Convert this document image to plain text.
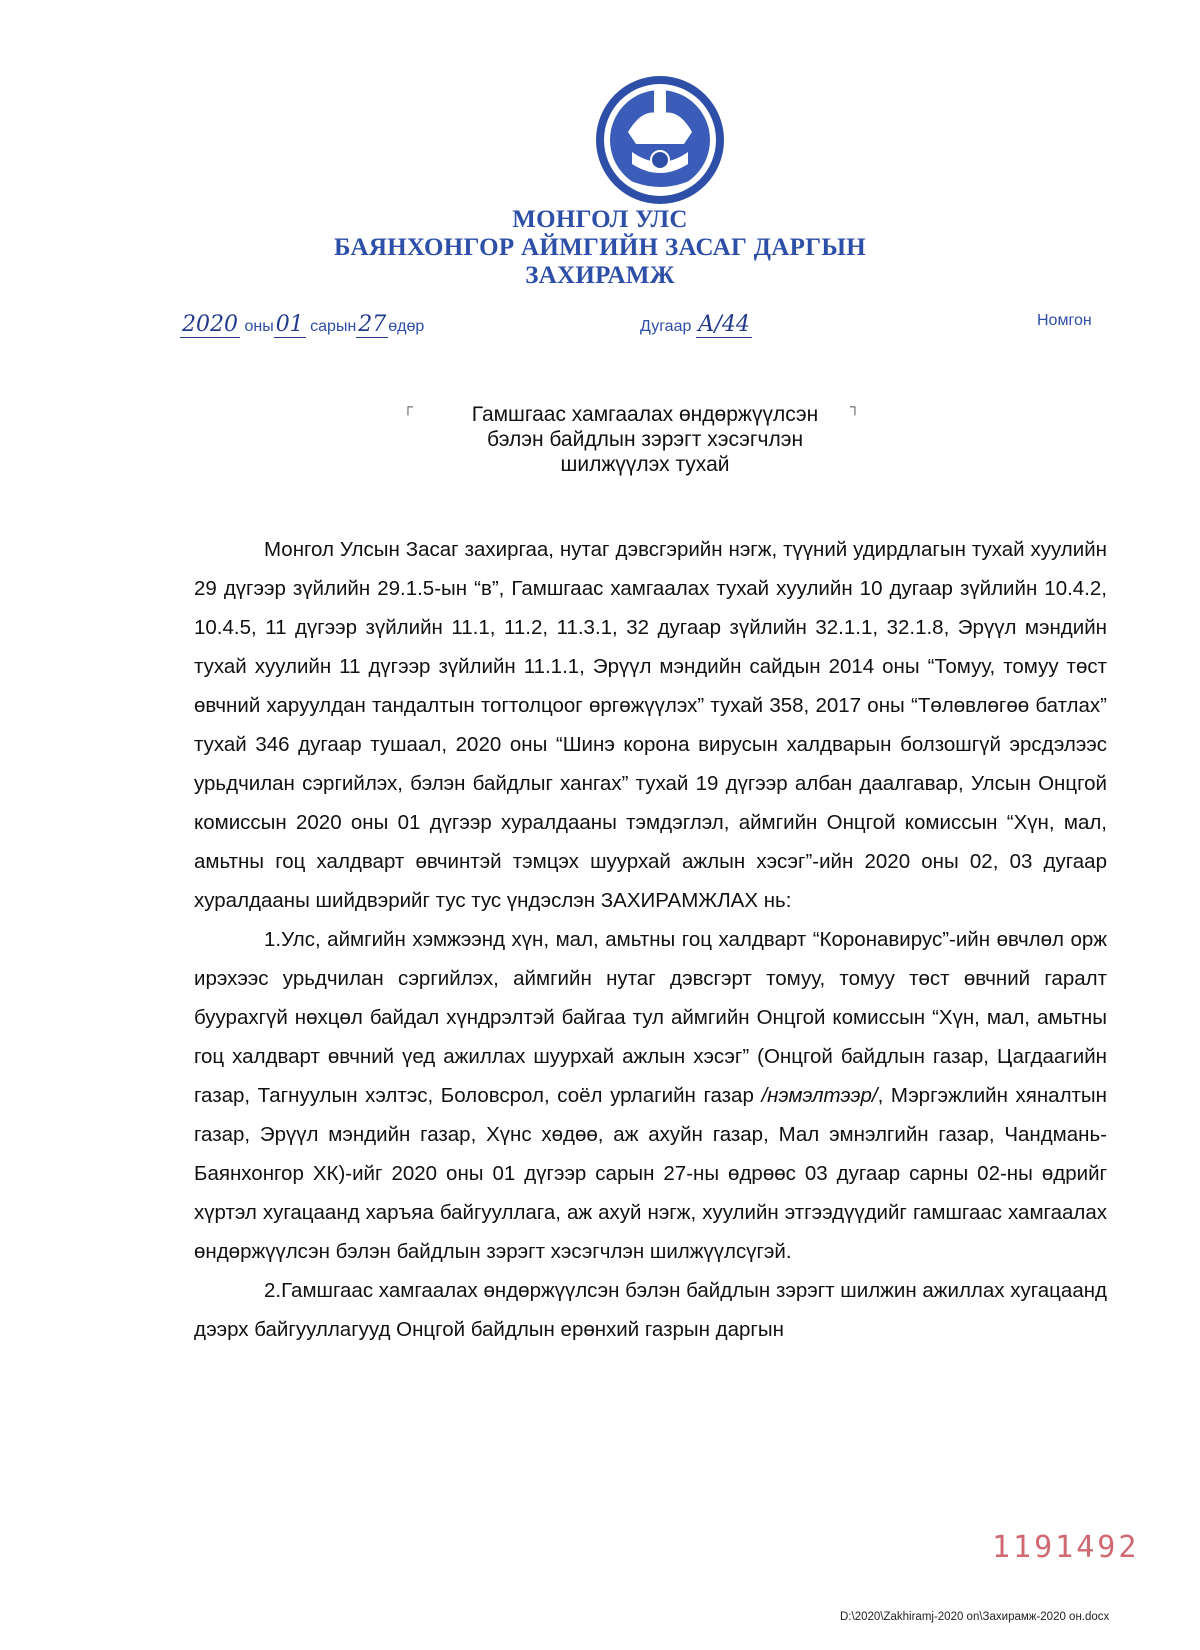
МОНГОЛ УЛС
БАЯНХОНГОР АЙМГИЙН ЗАСАГ ДАРГЫН
ЗАХИРАМЖ
2020 оны01 сарын27 өдөр	Дугаар А/44	Номгон
┌	┐
Гамшгаас хамгаалах өндөржүүлсэн
бэлэн байдлын зэрэгт хэсэгчлэн
шилжүүлэх тухай

Монгол Улсын Засаг захиргаа, нутаг дэвсгэрийн нэгж, түүний удирдлагын тухай хуулийн 29 дүгээр зүйлийн 29.1.5-ын “в”, Гамшгаас хамгаалах тухай хуулийн 10 дугаар зүйлийн 10.4.2, 10.4.5, 11 дүгээр зүйлийн 11.1, 11.2, 11.3.1, 32 дугаар зүйлийн 32.1.1, 32.1.8, Эрүүл мэндийн тухай хуулийн 11 дүгээр зүйлийн 11.1.1, Эрүүл мэндийн сайдын 2014 оны “Томуу, томуу төст өвчний харуулдан тандалтын тогтолцоог өргөжүүлэх” тухай 358, 2017 оны “Төлөвлөгөө батлах” тухай 346 дугаар тушаал, 2020 оны “Шинэ корона вирусын халдварын болзошгүй эрсдэлээс урьдчилан сэргийлэх, бэлэн байдлыг хангах” тухай 19 дүгээр албан даалгавар, Улсын Онцгой комиссын 2020 оны 01 дүгээр хуралдааны тэмдэглэл, аймгийн Онцгой комиссын “Хүн, мал, амьтны гоц халдварт өвчинтэй тэмцэх шуурхай ажлын хэсэг”-ийн 2020 оны 02, 03 дугаар хуралдааны шийдвэрийг тус тус үндэслэн ЗАХИРАМЖЛАХ нь:

1.Улс, аймгийн хэмжээнд хүн, мал, амьтны гоц халдварт “Коронавирус”-ийн өвчлөл орж ирэхээс урьдчилан сэргийлэх, аймгийн нутаг дэвсгэрт томуу, томуу төст өвчний гаралт буурахгүй нөхцөл байдал хүндрэлтэй байгаа тул аймгийн Онцгой комиссын “Хүн, мал, амьтны гоц халдварт өвчний үед ажиллах шуурхай ажлын хэсэг” (Онцгой байдлын газар, Цагдаагийн газар, Тагнуулын хэлтэс, Боловсрол, соёл урлагийн газар /нэмэлтээр/, Мэргэжлийн хяналтын газар, Эрүүл мэндийн газар, Хүнс хөдөө, аж ахуйн газар, Мал эмнэлгийн газар, Чандмань-Баянхонгор ХК)-ийг 2020 оны 01 дүгээр сарын 27-ны өдрөөс 03 дугаар сарны 02-ны өдрийг хүртэл хугацаанд харъяа байгууллага, аж ахуй нэгж, хуулийн этгээдүүдийг гамшгаас хамгаалах өндөржүүлсэн бэлэн байдлын зэрэгт хэсэгчлэн шилжүүлсүгэй.

2.Гамшгаас хамгаалах өндөржүүлсэн бэлэн байдлын зэрэгт шилжин ажиллах хугацаанд дээрх байгууллагууд Онцгой байдлын ерөнхий газрын даргын

1191492
D:\2020\Zakhiramj-2020 on\Захирамж-2020 он.docx
